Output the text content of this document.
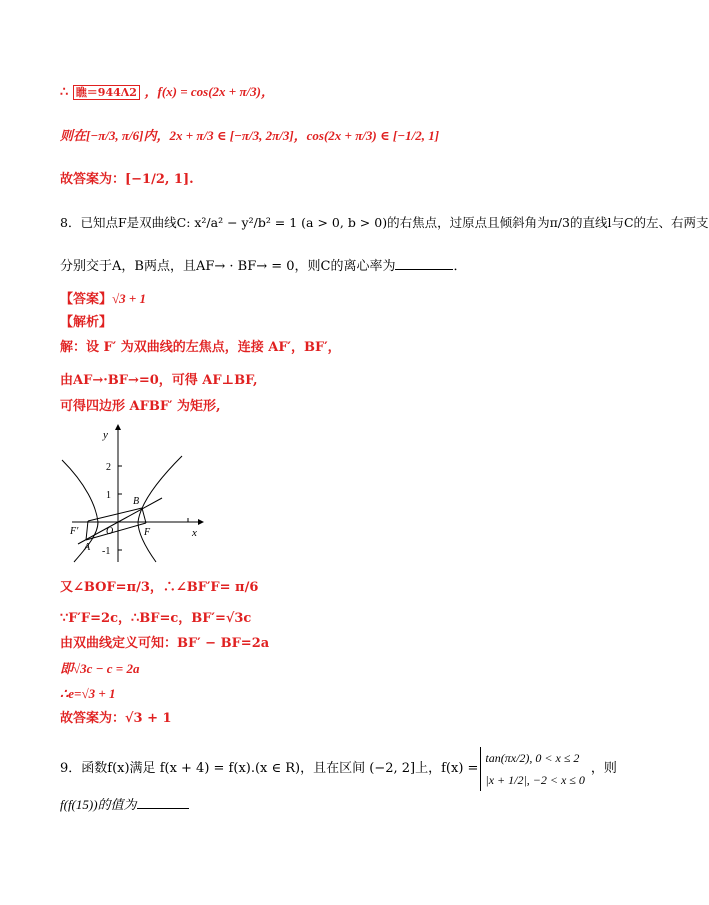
∴ 瞧＝944Λ2 ，f(x) = cos(2x + π/3)，
则在[−π/3, π/6]内，2x + π/3 ∈ [−π/3, 2π/3]，cos(2x + π/3) ∈ [−1/2, 1]
故答案为：[−1/2, 1].
8．已知点F是双曲线C: x²/a² − y²/b² = 1 (a > 0, b > 0)的右焦点，过原点且倾斜角为π/3的直线l与C的左、右两支
分别交于A，B两点，且AF→ · BF→ = 0，则C的离心率为	．
【答案】√3 + 1
【解析】
解：设 F′ 为双曲线的左焦点，连接 AF′，BF′，
由AF→·BF→=0，可得 AF⊥BF,
可得四边形 AFBF′ 为矩形,
y
x
2
1
-1
B
A
O	F
F′
又∠BOF=π/3，∴∠BF′F= π/6
∵F′F=2c，∴BF=c，BF′=√3c
由双曲线定义可知：BF′ − BF=2a
即√3c − c = 2a
∴e=√3 + 1
故答案为：√3 + 1
9．函数f(x)满足 f(x + 4) = f(x).(x ∈ R)，且在区间 (−2, 2]上，f(x) =
tan(πx/2), 0 < x ≤ 2
|x + 1/2|, −2 < x ≤ 0
，则
f(f(15))的值为
